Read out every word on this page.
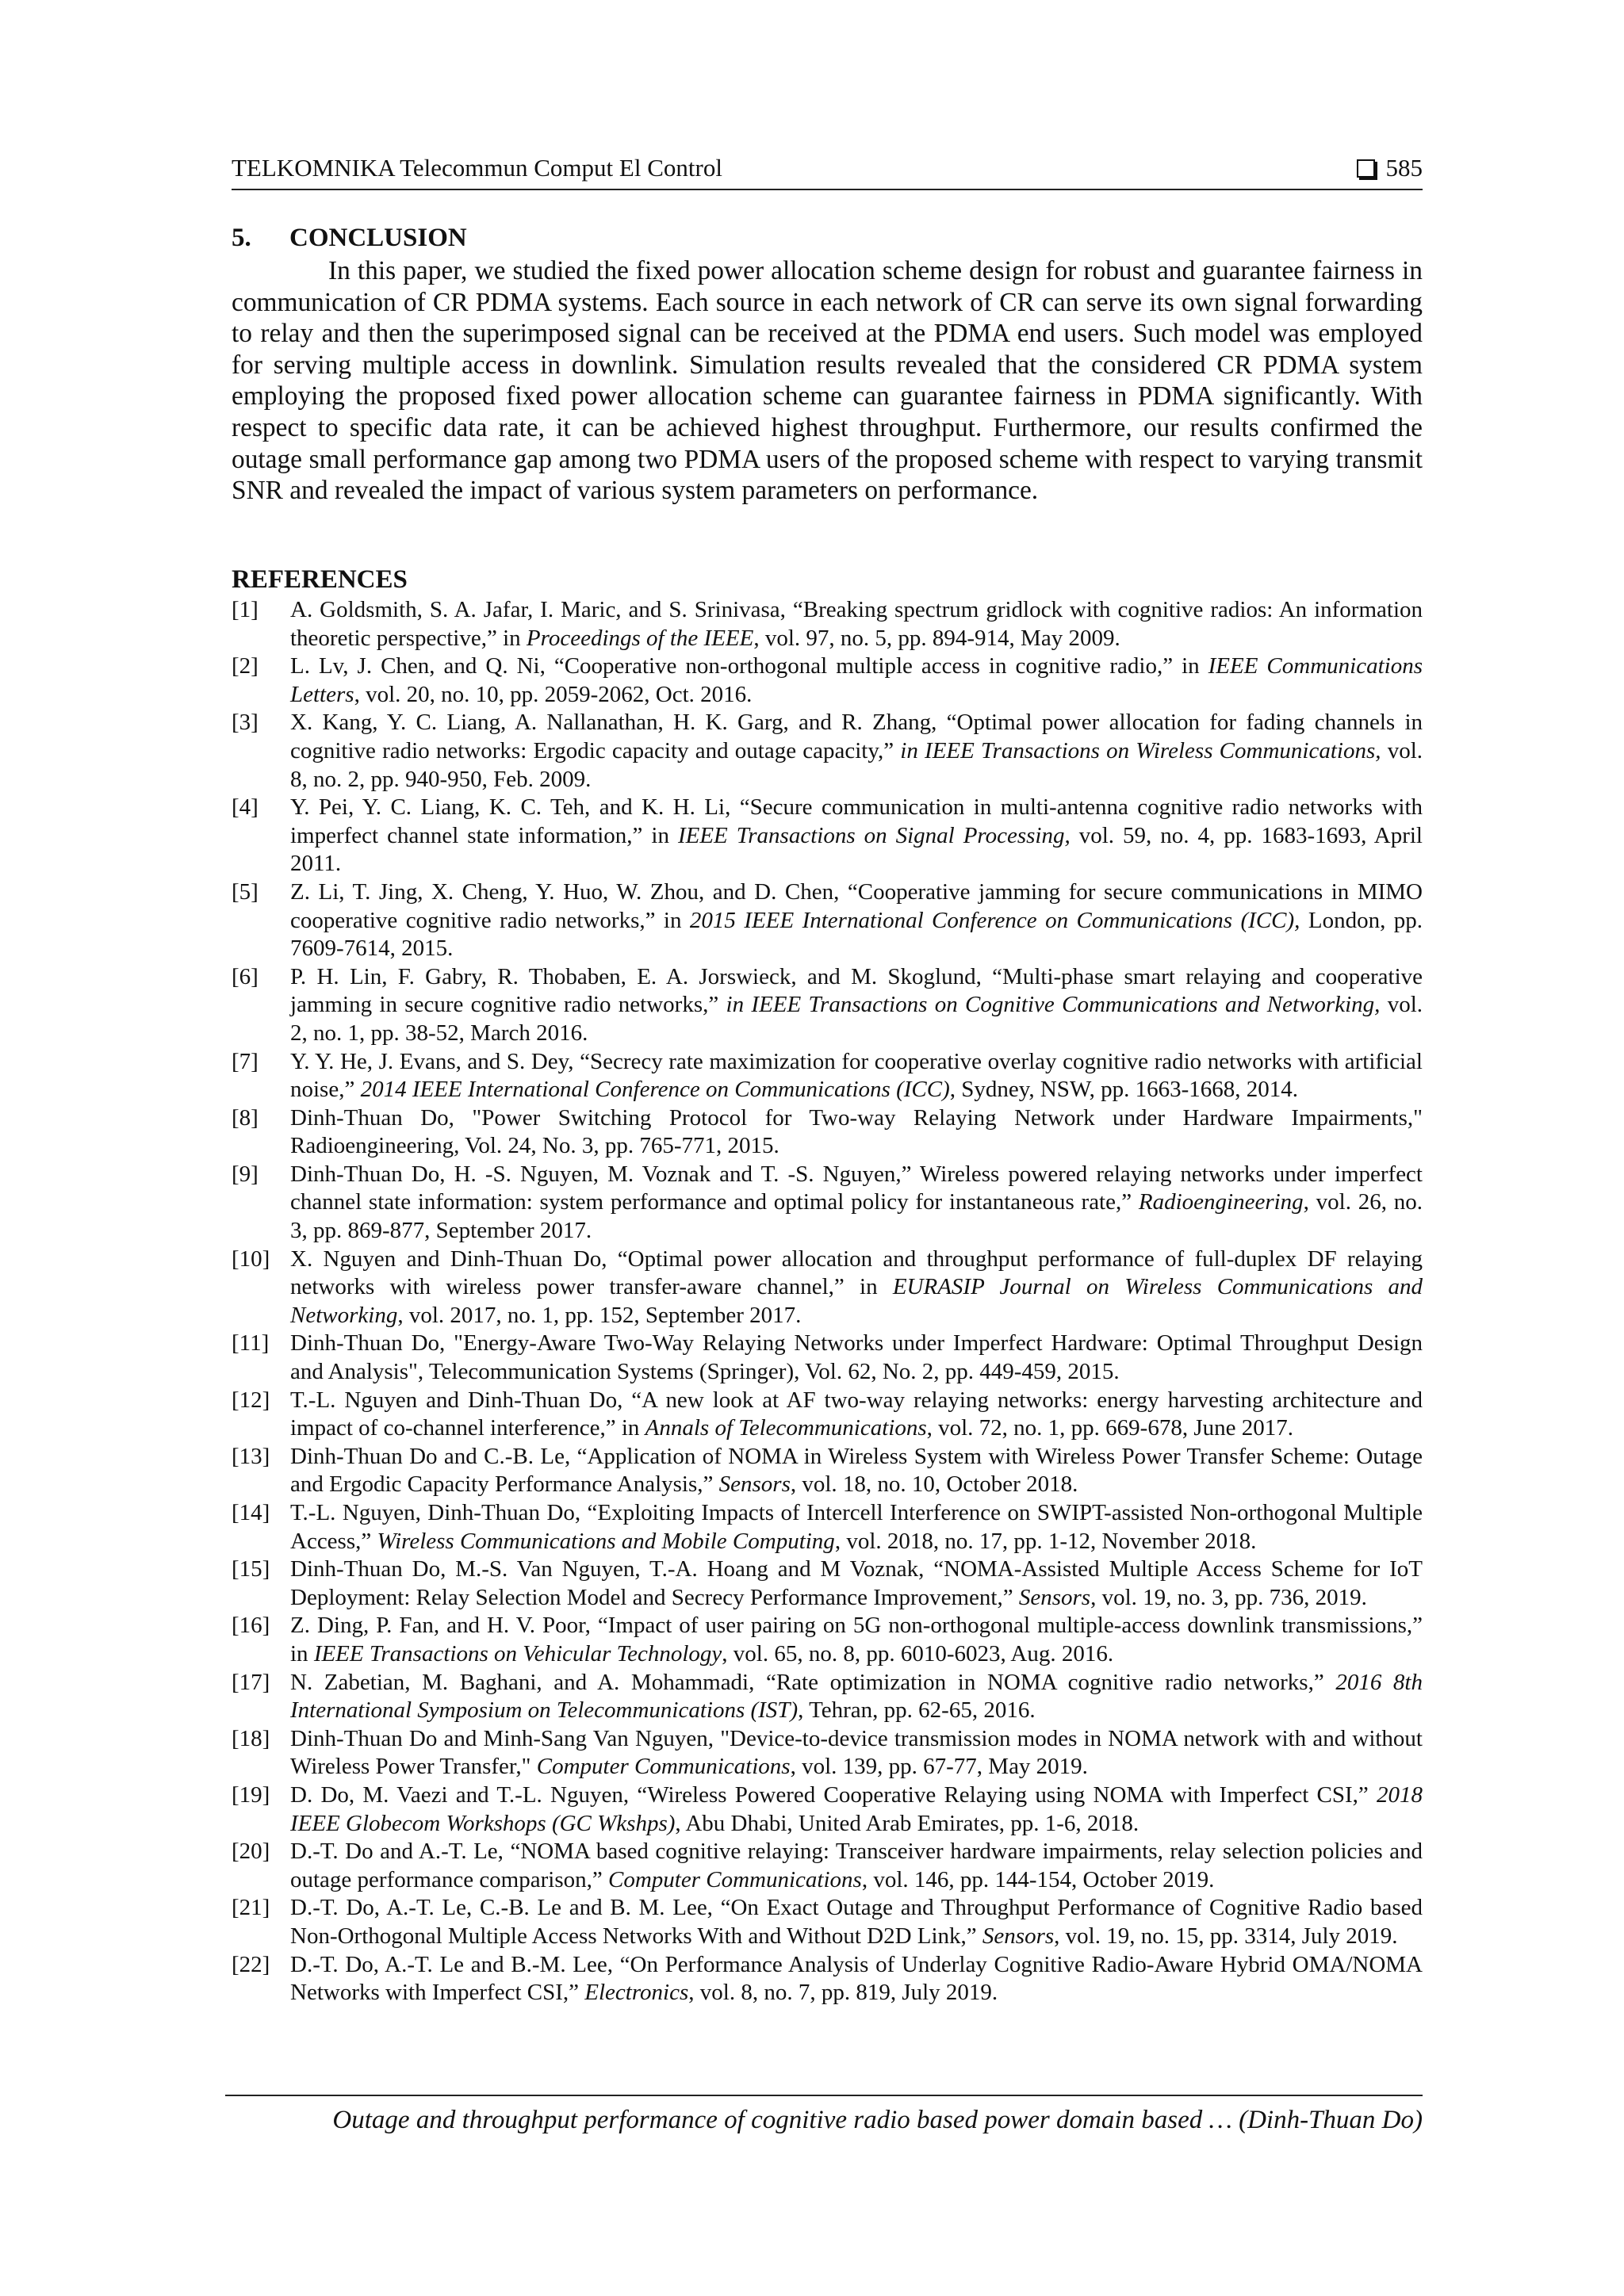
TELKOMNIKA Telecommun Comput El Control	585
5. CONCLUSION

In this paper, we studied the fixed power allocation scheme design for robust and guarantee fairness in communication of CR PDMA systems. Each source in each network of CR can serve its own signal forwarding to relay and then the superimposed signal can be received at the PDMA end users. Such model was employed for serving multiple access in downlink. Simulation results revealed that the considered CR PDMA system employing the proposed fixed power allocation scheme can guarantee fairness in PDMA significantly. With respect to specific data rate, it can be achieved highest throughput. Furthermore, our results confirmed the outage small performance gap among two PDMA users of the proposed scheme with respect to varying transmit SNR and revealed the impact of various system parameters on performance.

REFERENCES
[1] A. Goldsmith, S. A. Jafar, I. Maric, and S. Srinivasa, “Breaking spectrum gridlock with cognitive radios: An information theoretic perspective,” in Proceedings of the IEEE, vol. 97, no. 5, pp. 894-914, May 2009.
[2] L. Lv, J. Chen, and Q. Ni, “Cooperative non-orthogonal multiple access in cognitive radio,” in IEEE Communications Letters, vol. 20, no. 10, pp. 2059-2062, Oct. 2016.
[3] X. Kang, Y. C. Liang, A. Nallanathan, H. K. Garg, and R. Zhang, “Optimal power allocation for fading channels in cognitive radio networks: Ergodic capacity and outage capacity,” in IEEE Transactions on Wireless Communications, vol. 8, no. 2, pp. 940-950, Feb. 2009.
[4] Y. Pei, Y. C. Liang, K. C. Teh, and K. H. Li, “Secure communication in multi-antenna cognitive radio networks with imperfect channel state information,” in IEEE Transactions on Signal Processing, vol. 59, no. 4, pp. 1683-1693, April 2011.
[5] Z. Li, T. Jing, X. Cheng, Y. Huo, W. Zhou, and D. Chen, “Cooperative jamming for secure communications in MIMO cooperative cognitive radio networks,” in 2015 IEEE International Conference on Communications (ICC), London, pp. 7609-7614, 2015.
[6] P. H. Lin, F. Gabry, R. Thobaben, E. A. Jorswieck, and M. Skoglund, “Multi-phase smart relaying and cooperative jamming in secure cognitive radio networks,” in IEEE Transactions on Cognitive Communications and Networking, vol. 2, no. 1, pp. 38-52, March 2016.
[7] Y. Y. He, J. Evans, and S. Dey, “Secrecy rate maximization for cooperative overlay cognitive radio networks with artificial noise,” 2014 IEEE International Conference on Communications (ICC), Sydney, NSW, pp. 1663-1668, 2014.
[8] Dinh-Thuan Do, "Power Switching Protocol for Two-way Relaying Network under Hardware Impairments," Radioengineering, Vol. 24, No. 3, pp. 765-771, 2015.
[9] Dinh-Thuan Do, H. -S. Nguyen, M. Voznak and T. -S. Nguyen,” Wireless powered relaying networks under imperfect channel state information: system performance and optimal policy for instantaneous rate,” Radioengineering, vol. 26, no. 3, pp. 869-877, September 2017.
[10] X. Nguyen and Dinh-Thuan Do, “Optimal power allocation and throughput performance of full-duplex DF relaying networks with wireless power transfer-aware channel,” in EURASIP Journal on Wireless Communications and Networking, vol. 2017, no. 1, pp. 152, September 2017.
[11] Dinh-Thuan Do, "Energy-Aware Two-Way Relaying Networks under Imperfect Hardware: Optimal Throughput Design and Analysis", Telecommunication Systems (Springer), Vol. 62, No. 2, pp. 449-459, 2015.
[12] T.-L. Nguyen and Dinh-Thuan Do, “A new look at AF two-way relaying networks: energy harvesting architecture and impact of co-channel interference,” in Annals of Telecommunications, vol. 72, no. 1, pp. 669-678, June 2017.
[13] Dinh-Thuan Do and C.-B. Le, “Application of NOMA in Wireless System with Wireless Power Transfer Scheme: Outage and Ergodic Capacity Performance Analysis,” Sensors, vol. 18, no. 10, October 2018.
[14] T.-L. Nguyen, Dinh-Thuan Do, “Exploiting Impacts of Intercell Interference on SWIPT-assisted Non-orthogonal Multiple Access,” Wireless Communications and Mobile Computing, vol. 2018, no. 17, pp. 1-12, November 2018.
[15] Dinh-Thuan Do, M.-S. Van Nguyen, T.-A. Hoang and M Voznak, “NOMA-Assisted Multiple Access Scheme for IoT Deployment: Relay Selection Model and Secrecy Performance Improvement,” Sensors, vol. 19, no. 3, pp. 736, 2019.
[16] Z. Ding, P. Fan, and H. V. Poor, “Impact of user pairing on 5G non-orthogonal multiple-access downlink transmissions,” in IEEE Transactions on Vehicular Technology, vol. 65, no. 8, pp. 6010-6023, Aug. 2016.
[17] N. Zabetian, M. Baghani, and A. Mohammadi, “Rate optimization in NOMA cognitive radio networks,” 2016 8th International Symposium on Telecommunications (IST), Tehran, pp. 62-65, 2016.
[18] Dinh-Thuan Do and Minh-Sang Van Nguyen, "Device-to-device transmission modes in NOMA network with and without Wireless Power Transfer," Computer Communications, vol. 139, pp. 67-77, May 2019.
[19] D. Do, M. Vaezi and T.-L. Nguyen, “Wireless Powered Cooperative Relaying using NOMA with Imperfect CSI,” 2018 IEEE Globecom Workshops (GC Wkshps), Abu Dhabi, United Arab Emirates, pp. 1-6, 2018.
[20] D.-T. Do and A.-T. Le, “NOMA based cognitive relaying: Transceiver hardware impairments, relay selection policies and outage performance comparison,” Computer Communications, vol. 146, pp. 144-154, October 2019.
[21] D.-T. Do, A.-T. Le, C.-B. Le and B. M. Lee, “On Exact Outage and Throughput Performance of Cognitive Radio based Non-Orthogonal Multiple Access Networks With and Without D2D Link,” Sensors, vol. 19, no. 15, pp. 3314, July 2019.
[22] D.-T. Do, A.-T. Le and B.-M. Lee, “On Performance Analysis of Underlay Cognitive Radio-Aware Hybrid OMA/NOMA Networks with Imperfect CSI,” Electronics, vol. 8, no. 7, pp. 819, July 2019.
Outage and throughput performance of cognitive radio based power domain based … (Dinh-Thuan Do)
